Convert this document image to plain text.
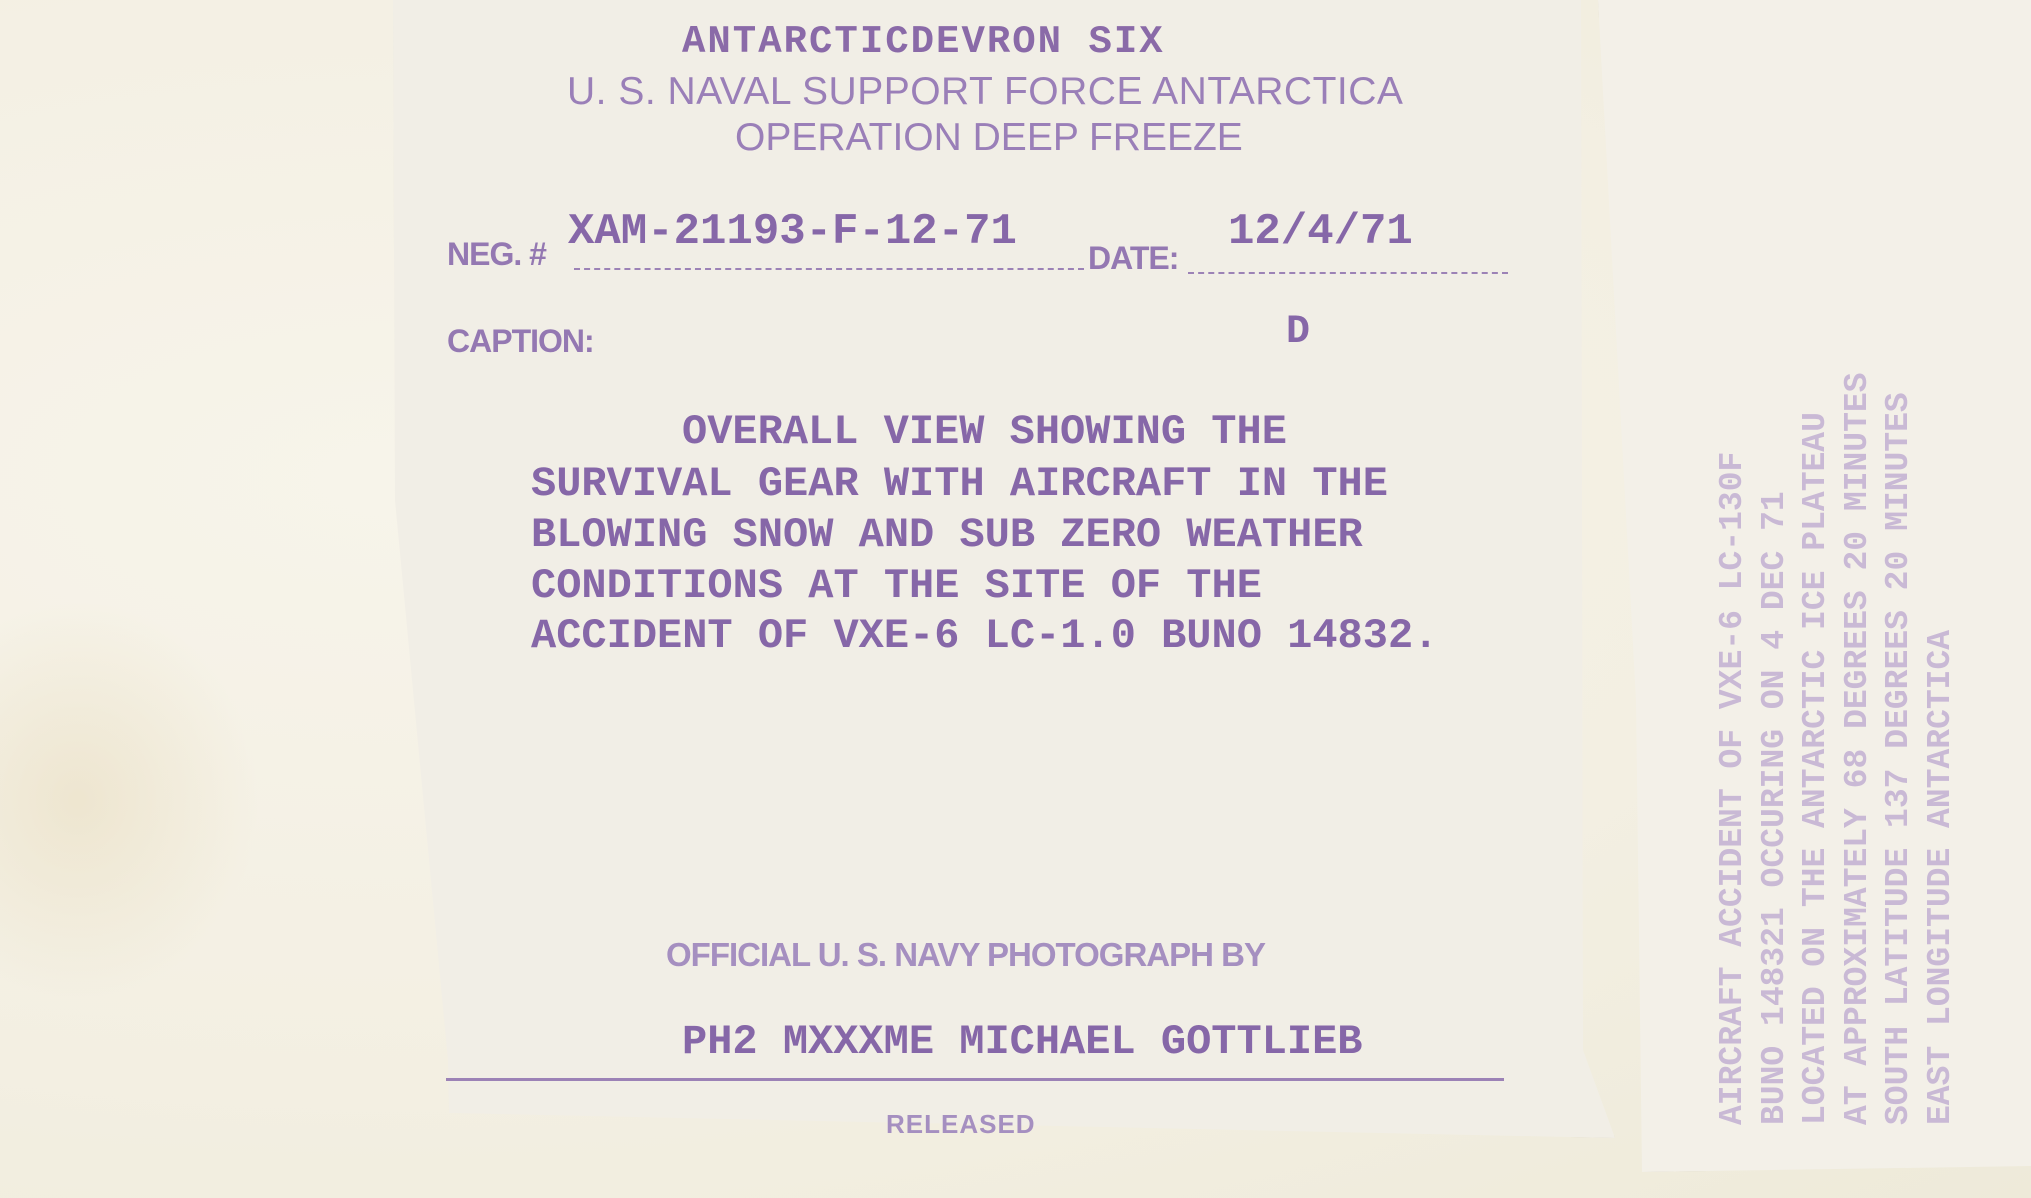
ANTARCTICDEVRON SIX
U. S. NAVAL SUPPORT FORCE ANTARCTICA
OPERATION DEEP FREEZE
NEG. # XAM-21193-F-12-71
DATE:
12/4/71
CAPTION:	D
OVERALL VIEW SHOWING THE
SURVIVAL GEAR WITH AIRCRAFT IN THE
BLOWING SNOW AND SUB ZERO WEATHER
CONDITIONS AT THE SITE OF THE
ACCIDENT OF VXE-6 LC-1.0 BUNO 14832.
OFFICIAL U. S. NAVY PHOTOGRAPH BY
PH2 MXXXME MICHAEL GOTTLIEB
RELEASED	AIRCRAFT ACCIDENT OF VXE-6 LC-130F BUNO 148321 OCCURING ON 4 DEC 71 LOCATED ON THE ANTARCTIC ICE PLATEAU AT APPROXIMATELY 68 DEGREES 20 MINUTES SOUTH LATITUDE 137 DEGREES 20 MINUTES EAST LONGITUDE ANTARCTICA
